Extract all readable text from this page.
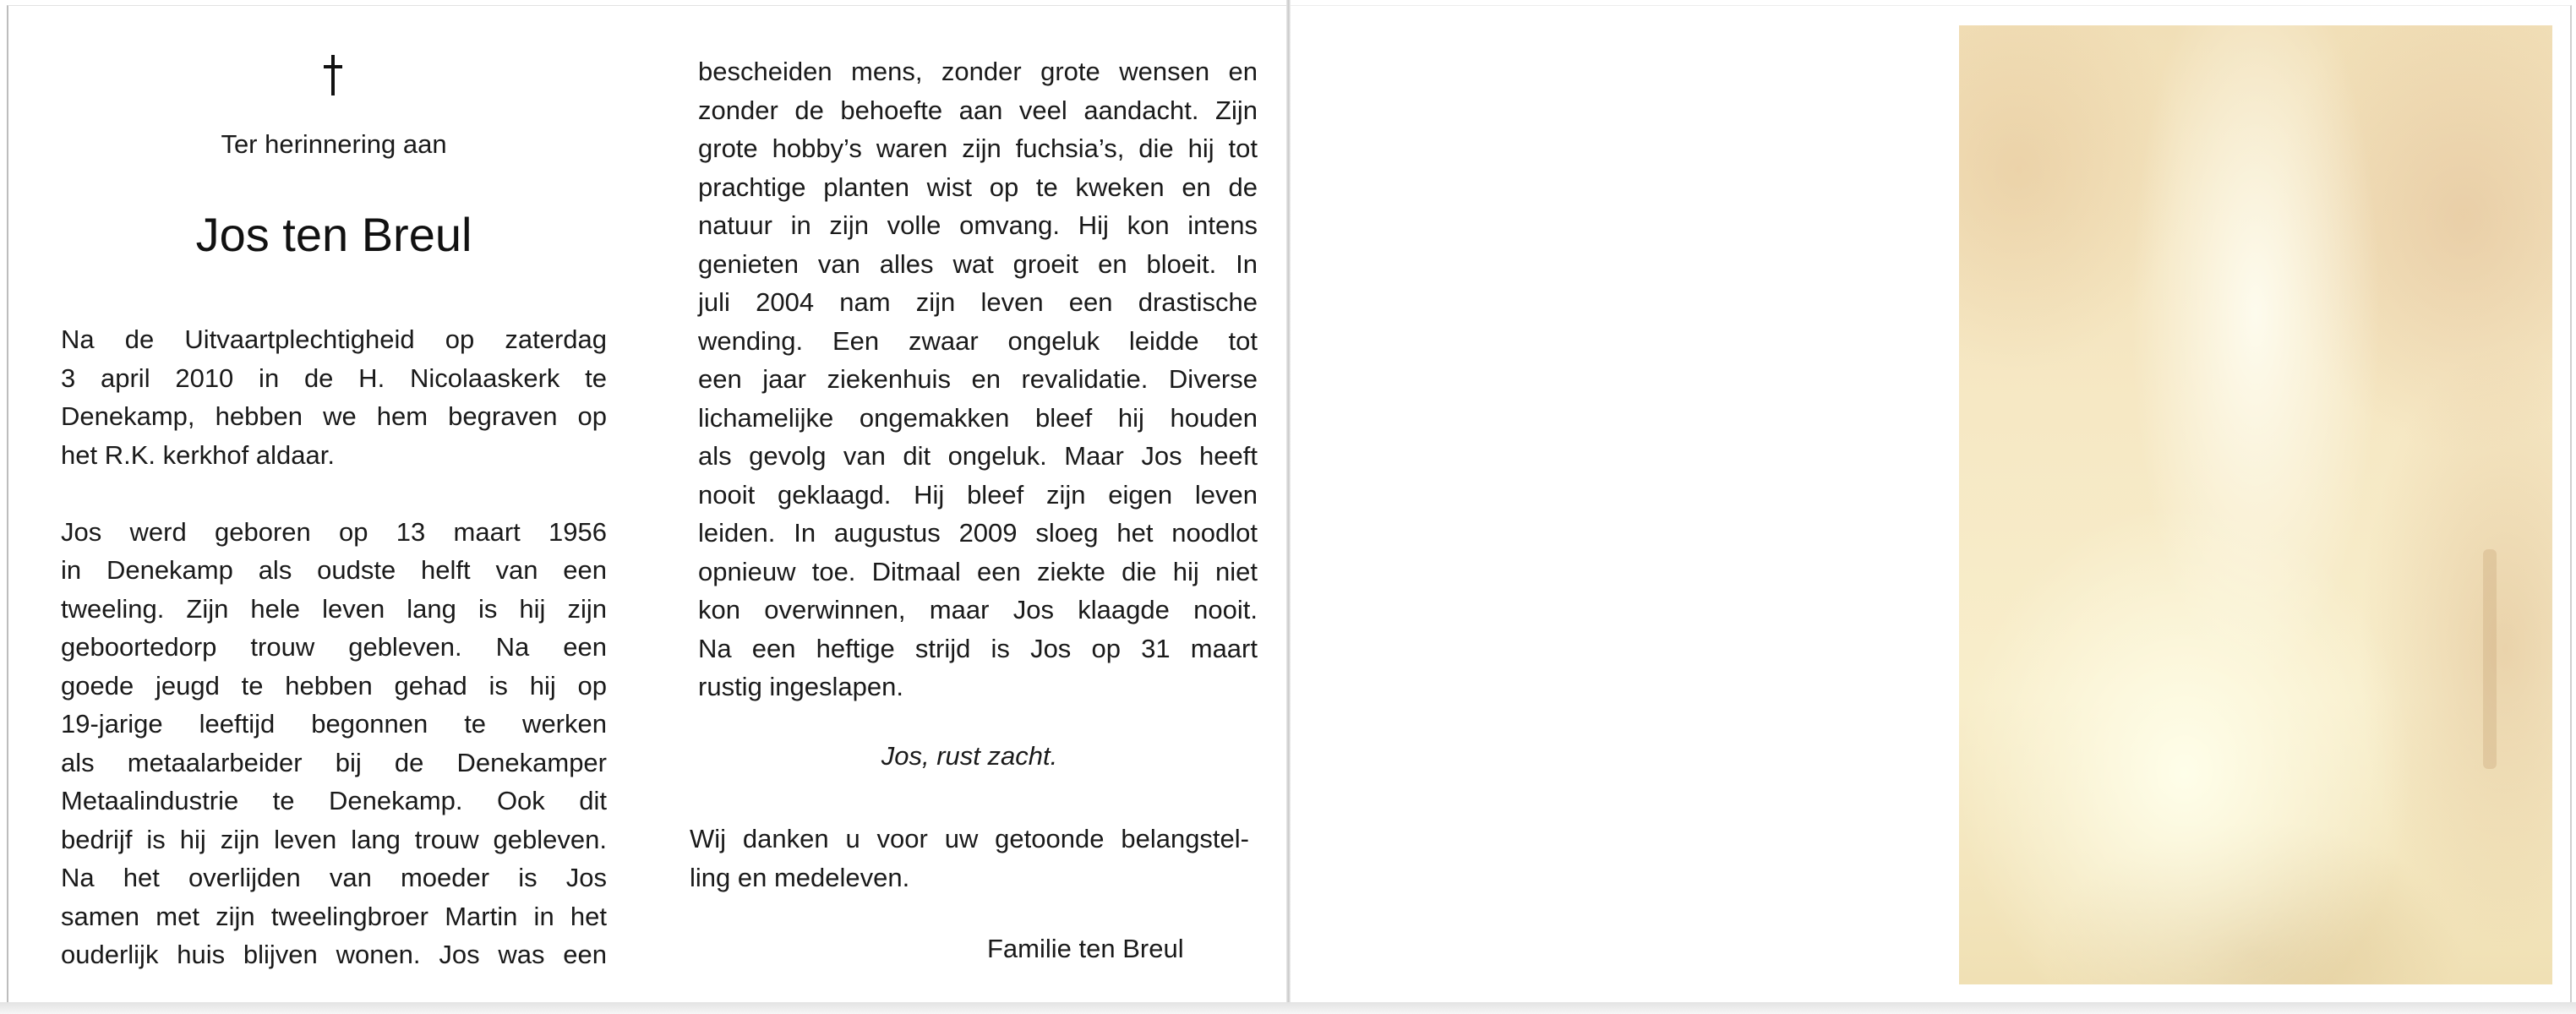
Ter herinnering aan
Jos ten Breul
Na de Uitvaartplechtigheid op zaterdag
3 april 2010 in de H. Nicolaaskerk te
Denekamp, hebben we hem begraven op
het R.K. kerkhof aldaar.
Jos werd geboren op 13 maart 1956
in Denekamp als oudste helft van een
tweeling. Zijn hele leven lang is hij zijn
geboortedorp trouw gebleven. Na een
goede jeugd te hebben gehad is hij op
19-jarige leeftijd begonnen te werken
als metaalarbeider bij de Denekamper
Metaalindustrie te Denekamp. Ook dit
bedrijf is hij zijn leven lang trouw gebleven.
Na het overlijden van moeder is Jos
samen met zijn tweelingbroer Martin in het
ouderlijk huis blijven wonen. Jos was een
bescheiden mens, zonder grote wensen en
zonder de behoefte aan veel aandacht. Zijn
grote hobby’s waren zijn fuchsia’s, die hij tot
prachtige planten wist op te kweken en de
natuur in zijn volle omvang. Hij kon intens
genieten van alles wat groeit en bloeit. In
juli 2004 nam zijn leven een drastische
wending. Een zwaar ongeluk leidde tot
een jaar ziekenhuis en revalidatie. Diverse
lichamelijke ongemakken bleef hij houden
als gevolg van dit ongeluk. Maar Jos heeft
nooit geklaagd. Hij bleef zijn eigen leven
leiden. In augustus 2009 sloeg het noodlot
opnieuw toe. Ditmaal een ziekte die hij niet
kon overwinnen, maar Jos klaagde nooit.
Na een heftige strijd is Jos op 31 maart
rustig ingeslapen.
Jos, rust zacht.
Wij danken u voor uw getoonde belangstel-
ling en medeleven.
Familie ten Breul
